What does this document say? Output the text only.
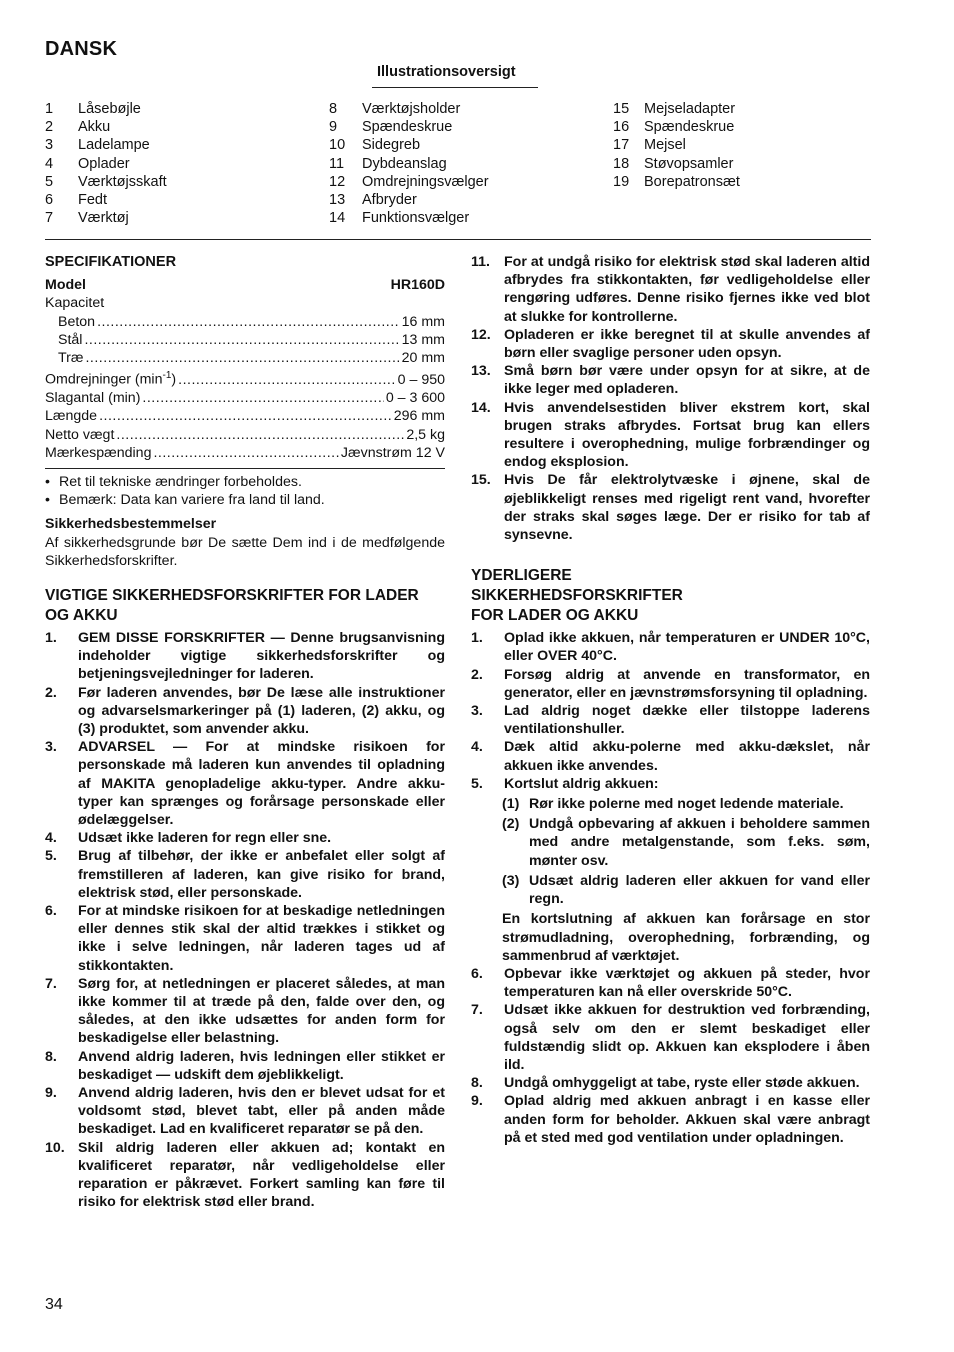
DANSK
Illustrationsoversigt
1	Låsebøjle
2	Akku
3	Ladelampe
4	Oplader
5	Værktøjsskaft
6	Fedt
7	Værktøj
8	Værktøjsholder
9	Spændeskrue
10	Sidegreb
11	Dybdeanslag
12	Omdrejningsvælger
13	Afbryder
14	Funktionsvælger
15	Mejseladapter
16	Spændeskrue
17	Mejsel
18	Støvopsamler
19	Borepatronsæt
SPECIFIKATIONER
Model	HR160D
Kapacitet
Beton .....	16 mm
Stål .....	13 mm
Træ .....	20 mm
Omdrejninger $(\min^{-1})$ .....	0 – 950
Slagantal (min) .....	0 – 3 600
Længde .....	296 mm
Netto vægt .....	2,5 kg
Mærkespænding .....	Jævnstrøm 12 V
• Ret til tekniske ændringer forbeholdes.
• Bemærk: Data kan variere fra land til land.
Sikkerhedsbestemmelser
Af sikkerhedsgrunde bør De sætte Dem ind i de medfølgende Sikkerhedsforskrifter.
VIGTIGE SIKKERHEDSFORSKRIFTER FOR LADER OG AKKU
1.	GEM DISSE FORSKRIFTER — Denne brugsanvisning indeholder vigtige sikkerhedsforskrifter og betjeningsvejledninger for laderen.
2.	Før laderen anvendes, bør De læse alle instruktioner og advarselsmarkeringer på (1) laderen, (2) akku, og (3) produktet, som anvender akku.
3.	ADVARSEL — For at mindske risikoen for personskade må laderen kun anvendes til opladning af MAKITA genopladelige akku-typer. Andre akku-typer kan sprænges og forårsage personskade eller ødelæggelser.
4.	Udsæt ikke laderen for regn eller sne.
5.	Brug af tilbehør, der ikke er anbefalet eller solgt af fremstilleren af laderen, kan give risiko for brand, elektrisk stød, eller personskade.
6.	For at mindske risikoen for at beskadige netledningen eller dennes stik skal der altid trækkes i stikket og ikke i selve ledningen, når laderen tages ud af stikkontakten.
7.	Sørg for, at netledningen er placeret således, at man ikke kommer til at træde på den, falde over den, og således, at den ikke udsættes for anden form for beskadigelse eller belastning.
8.	Anvend aldrig laderen, hvis ledningen eller stikket er beskadiget — udskift dem øjeblikkeligt.
9.	Anvend aldrig laderen, hvis den er blevet udsat for et voldsomt stød, blevet tabt, eller på anden måde beskadiget. Lad en kvalificeret reparatør se på den.
10. Skil aldrig laderen eller akkuen ad; kontakt en kvalificeret reparatør, når vedligeholdelse eller reparation er påkrævet. Forkert samling kan føre til risiko for elektrisk stød eller brand.
11. For at undgå risiko for elektrisk stød skal laderen altid afbrydes fra stikkontakten, før vedligeholdelse eller rengøring udføres. Denne risiko fjernes ikke ved blot at slukke for kontrollerne.
12. Opladeren er ikke beregnet til at skulle anvendes af børn eller svaglige personer uden opsyn.
13. Små børn bør være under opsyn for at sikre, at de ikke leger med opladeren.
14. Hvis anvendelsestiden bliver ekstrem kort, skal brugen straks afbrydes. Fortsat brug kan ellers resultere i overophedning, mulige forbrændinger og endog eksplosion.
15. Hvis De får elektrolytvæske i øjnene, skal de øjeblikkeligt renses med rigeligt rent vand, hvorefter der straks skal søges læge. Der er risiko for tab af synsevne.
YDERLIGERE
SIKKERHEDSFORSKRIFTER
FOR LADER OG AKKU
1.	Oplad ikke akkuen, når temperaturen er UNDER 10°C, eller OVER 40°C.
2.	Forsøg aldrig at anvende en transformator, en generator, eller en jævnstrømsforsyning til opladning.
3.	Lad aldrig noget dække eller tilstoppe laderens ventilationshuller.
4.	Dæk altid akku-polerne med akku-dækslet, når akkuen ikke anvendes.
5.	Kortslut aldrig akkuen:
(1) Rør ikke polerne med noget ledende materiale.
(2) Undgå opbevaring af akkuen i beholdere sammen med andre metalgenstande, som f.eks. søm, mønter osv.
(3) Udsæt aldrig laderen eller akkuen for vand eller regn.
En kortslutning af akkuen kan forårsage en stor strømudladning, overophedning, forbrænding, og sammenbrud af værktøjet.
6.	Opbevar ikke værktøjet og akkuen på steder, hvor temperaturen kan nå eller overskride 50°C.
7.	Udsæt ikke akkuen for destruktion ved forbrænding, også selv om den er slemt beskadiget eller fuldstændig slidt op. Akkuen kan eksplodere i åben ild.
8.	Undgå omhyggeligt at tabe, ryste eller støde akkuen.
9.	Oplad aldrig med akkuen anbragt i en kasse eller anden form for beholder. Akkuen skal være anbragt på et sted med god ventilation under opladningen.
34
